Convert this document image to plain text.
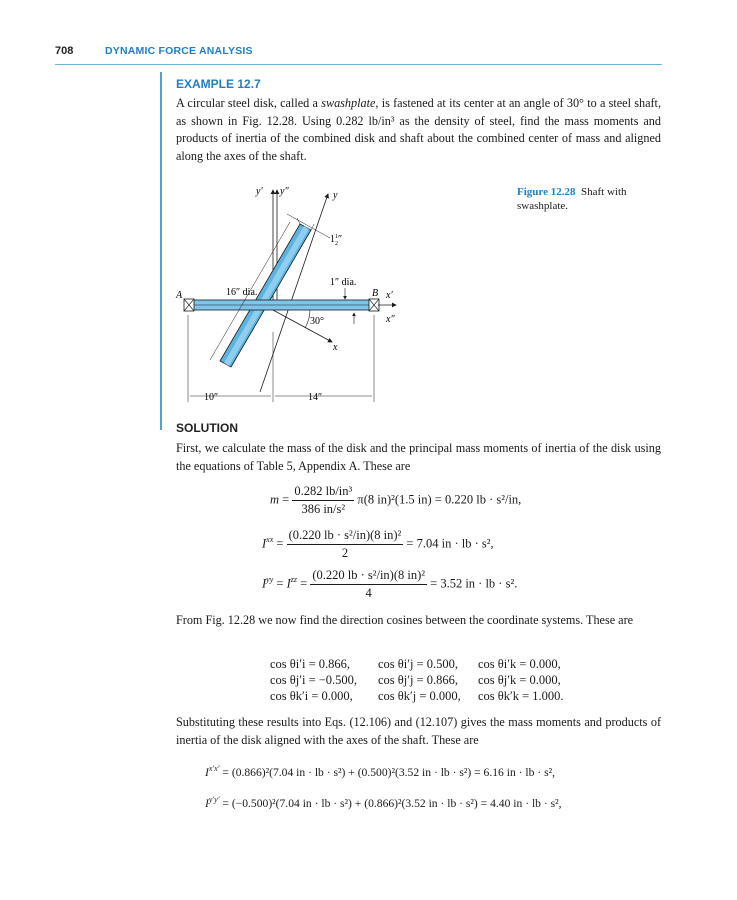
708	DYNAMIC FORCE ANALYSIS
EXAMPLE 12.7
A circular steel disk, called a swashplate, is fastened at its center at an angle of 30° to a steel shaft, as shown in Fig. 12.28. Using 0.282 lb/in³ as the density of steel, find the mass moments and products of inertia of the combined disk and shaft about the combined center of mass and aligned along the axes of the shaft.
y′ y″	y
A	B x′
x″
x
30°
$1^1$ 2″
1″ dia.
16″ dia.
10″	14″
Figure 12.28 Shaft with swashplate.
SOLUTION
First, we calculate the mass of the disk and the principal mass moments of inertia of the disk using the equations of Table 5, Appendix A. These are
$m = \frac{\text{0.282 lb/in³}}{\text{386 in/s²}} \pi(8$ in)²(1.5 in) = 0.220 lb · s²/in,
$I^{xx} = \frac{\text{(0.220 lb · s²/in)(8 in)²}}{2} = 7.04$ in · lb · s²,
$I^{yy} = I^{zz} = \frac{\text{(0.220 lb · s²/in)(8 in)²}}{4} = 3.52$ in · lb · s².
From Fig. 12.28 we now find the direction cosines between the coordinate systems. These are
cos θi′i = 0.866, cos θi′j = 0.500, cos θi′k = 0.000,
cos θj′i = −0.500, cos θj′j = 0.866, cos θj′k = 0.000,
cos θk′i = 0.000, cos θk′j = 0.000, cos θk′k = 1.000.
Substituting these results into Eqs. (12.106) and (12.107) gives the mass moments and products of inertia of the disk aligned with the axes of the shaft. These are
$I^{x'x'} = (0.866)^2(7.04$ in · lb · s²) + (0.500)²(3.52 in · lb · s²) = 6.16 in · lb · s²,
$I^{y'y'} = (-0.500)^2(7.04$ in · lb · s²) + (0.866)²(3.52 in · lb · s²) = 4.40 in · lb · s²,
